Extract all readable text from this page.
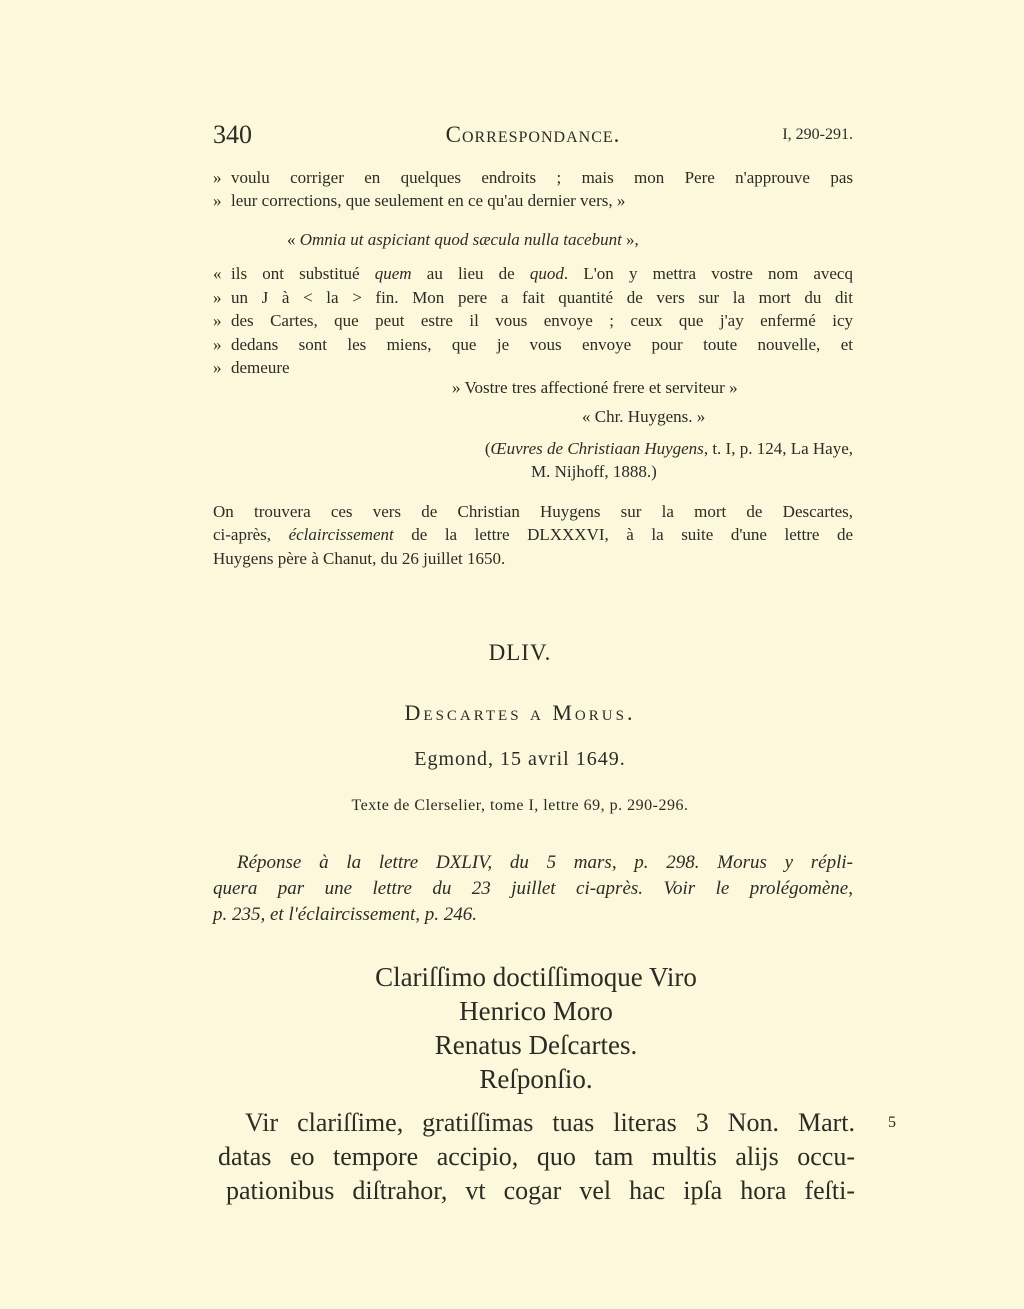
340	Correspondance.	I, 290-291.
» voulu corriger en quelques endroits ; mais mon Pere n'approuve pas
» leur corrections, que seulement en ce qu'au dernier vers, »
« Omnia ut aspiciant quod sæcula nulla tacebunt »,
« ils ont substitué quem au lieu de quod. L'on y mettra vostre nom avecq
» un J à < la > fin. Mon pere a fait quantité de vers sur la mort du dit
» des Cartes, que peut estre il vous envoye ; ceux que j'ay enfermé icy
» dedans sont les miens, que je vous envoye pour toute nouvelle, et
» demeure
» Vostre tres affectioné frere et serviteur »
« Chr. Huygens. »
(Œuvres de Christiaan Huygens, t. I, p. 124, La Haye,
M. Nijhoff, 1888.)
On trouvera ces vers de Christian Huygens sur la mort de Descartes,
ci-après, éclaircissement de la lettre DLXXXVI, à la suite d'une lettre de
Huygens père à Chanut, du 26 juillet 1650.
DLIV.
Descartes a Morus.
Egmond, 15 avril 1649.
Texte de Clerselier, tome I, lettre 69, p. 290-296.
Réponse à la lettre DXLIV, du 5 mars, p. 298. Morus y répli-
quera par une lettre du 23 juillet ci-après. Voir le prolégomène,
p. 235, et l'éclaircissement, p. 246.
Clariſſimo doctiſſimoque Viro
Henrico Moro
Renatus Deſcartes.
Reſponſio.
Vir clariſſime, gratiſſimas tuas literas 3 Non. Mart. 5
datas eo tempore accipio, quo tam multis alijs occu-
pationibus diſtrahor, vt cogar vel hac ipſa hora feſti-
